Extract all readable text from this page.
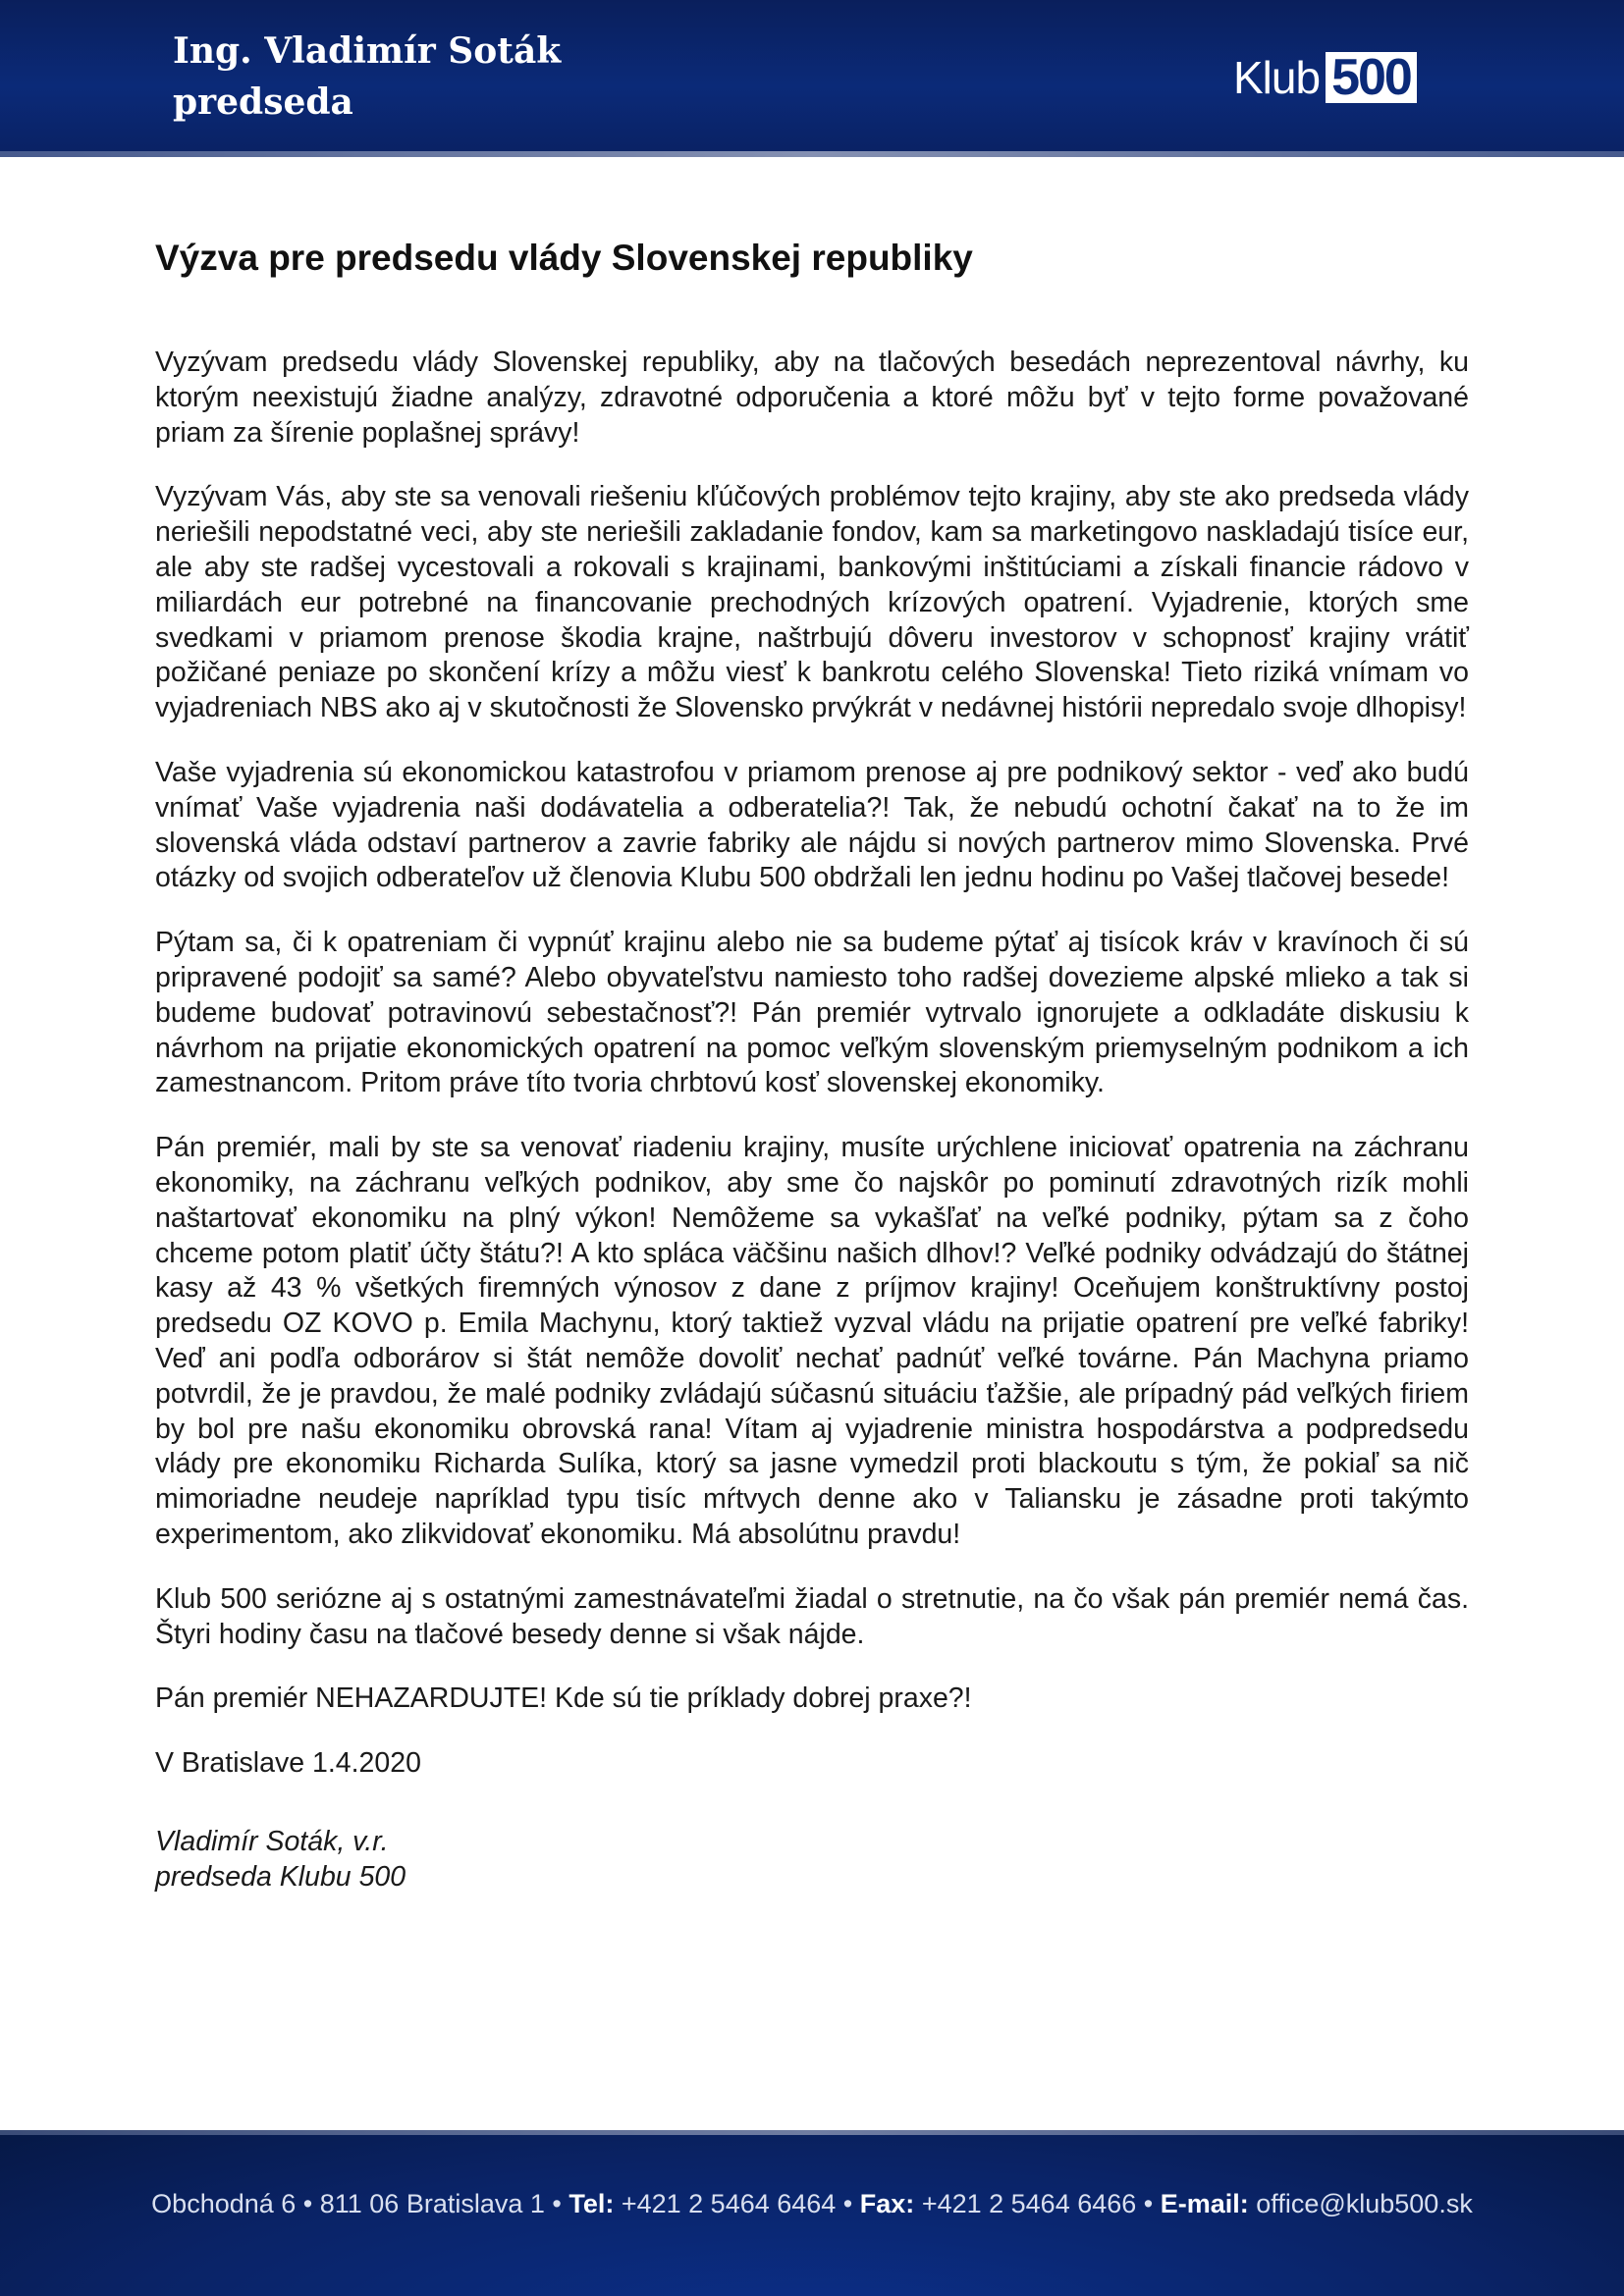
Ing. Vladimír Soták
predseda	Klub 500
Výzva pre predsedu vlády Slovenskej republiky

Vyzývam predsedu vlády Slovenskej republiky, aby na tlačových besedách neprezentoval návrhy, ku ktorým neexistujú žiadne analýzy, zdravotné odporučenia a ktoré môžu byť v tejto forme považované priam za šírenie poplašnej správy!

Vyzývam Vás, aby ste sa venovali riešeniu kľúčových problémov tejto krajiny, aby ste ako predseda vlády neriešili nepodstatné veci, aby ste neriešili zakladanie fondov, kam sa marketingovo naskladajú tisíce eur, ale aby ste radšej vycestovali a rokovali s krajinami, bankovými inštitúciami a získali financie rádovo v miliardách eur potrebné na financovanie prechodných krízových opatrení. Vyjadrenie, ktorých sme svedkami v priamom prenose škodia krajne, naštrbujú dôveru investorov v schopnosť krajiny vrátiť požičané peniaze po skončení krízy a môžu viesť k bankrotu celého Slovenska! Tieto riziká vnímam vo vyjadreniach NBS ako aj v skutočnosti že Slovensko prvýkrát v nedávnej histórii nepredalo svoje dlhopisy!

Vaše vyjadrenia sú ekonomickou katastrofou v priamom prenose aj pre podnikový sektor - veď ako budú vnímať Vaše vyjadrenia naši dodávatelia a odberatelia?! Tak, že nebudú ochotní čakať na to že im slovenská vláda odstaví partnerov a zavrie fabriky ale nájdu si nových partnerov mimo Slovenska. Prvé otázky od svojich odberateľov už členovia Klubu 500 obdržali len jednu hodinu po Vašej tlačovej besede!

Pýtam sa, či k opatreniam či vypnúť krajinu alebo nie sa budeme pýtať aj tisícok kráv v kravínoch či sú pripravené podojiť sa samé? Alebo obyvateľstvu namiesto toho radšej dovezieme alpské mlieko a tak si budeme budovať potravinovú sebestačnosť?! Pán premiér vytrvalo ignorujete a odkladáte diskusiu k návrhom na prijatie ekonomických opatrení na pomoc veľkým slovenským priemyselným podnikom a ich zamestnancom. Pritom práve títo tvoria chrbtovú kosť slovenskej ekonomiky.

Pán premiér, mali by ste sa venovať riadeniu krajiny, musíte urýchlene iniciovať opatrenia na záchranu ekonomiky, na záchranu veľkých podnikov, aby sme čo najskôr po pominutí zdravotných rizík mohli naštartovať ekonomiku na plný výkon! Nemôžeme sa vykašľať na veľké podniky, pýtam sa z čoho chceme potom platiť účty štátu?! A kto spláca väčšinu našich dlhov!? Veľké podniky odvádzajú do štátnej kasy až 43 % všetkých firemných výnosov z dane z príjmov krajiny! Oceňujem konštruktívny postoj predsedu OZ KOVO p. Emila Machynu, ktorý taktiež vyzval vládu na prijatie opatrení pre veľké fabriky! Veď ani podľa odborárov si štát nemôže dovoliť nechať padnúť veľké továrne. Pán Machyna priamo potvrdil, že je pravdou, že malé podniky zvládajú súčasnú situáciu ťažšie, ale prípadný pád veľkých firiem by bol pre našu ekonomiku obrovská rana! Vítam aj vyjadrenie ministra hospodárstva a podpredsedu vlády pre ekonomiku Richarda Sulíka, ktorý sa jasne vymedzil proti blackoutu s tým, že pokiaľ sa nič mimoriadne neudeje napríklad typu tisíc mŕtvych denne ako v Taliansku je zásadne proti takýmto experimentom, ako zlikvidovať ekonomiku. Má absolútnu pravdu!

Klub 500 seriózne aj s ostatnými zamestnávateľmi žiadal o stretnutie, na čo však pán premiér nemá čas. Štyri hodiny času na tlačové besedy denne si však nájde.

Pán premiér NEHAZARDUJTE! Kde sú tie príklady dobrej praxe?!

V Bratislave 1.4.2020
Vladimír Soták, v.r.
predseda Klubu 500
Obchodná 6 • 811 06 Bratislava 1 • Tel: +421 2 5464 6464 • Fax: +421 2 5464 6466 • E-mail: office@klub500.sk
